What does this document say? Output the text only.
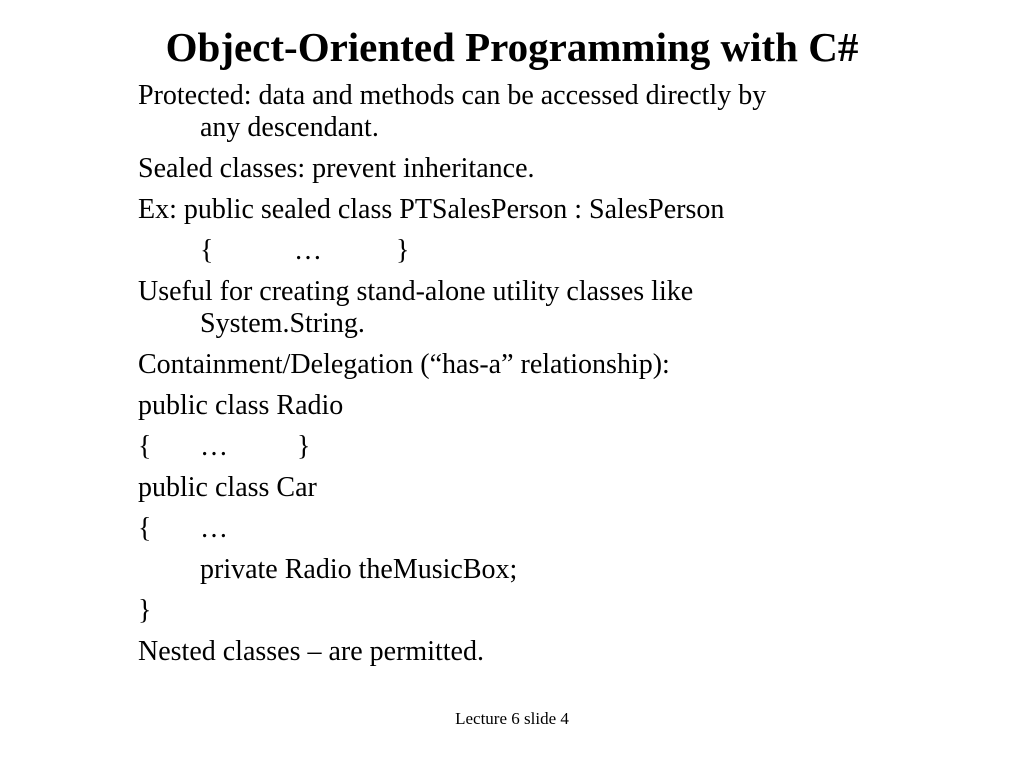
Object-Oriented Programming with C#
Protected: data and methods can be accessed directly by
any descendant.
Sealed classes: prevent inheritance.
Ex: public sealed class PTSalesPerson : SalesPerson
{	…	}
Useful for creating stand-alone utility classes like
System.String.
Containment/Delegation (“has-a” relationship):
public class Radio
{ … }
public class Car
{ …
private Radio theMusicBox;
}
Nested classes – are permitted.
Lecture 6 slide 4
